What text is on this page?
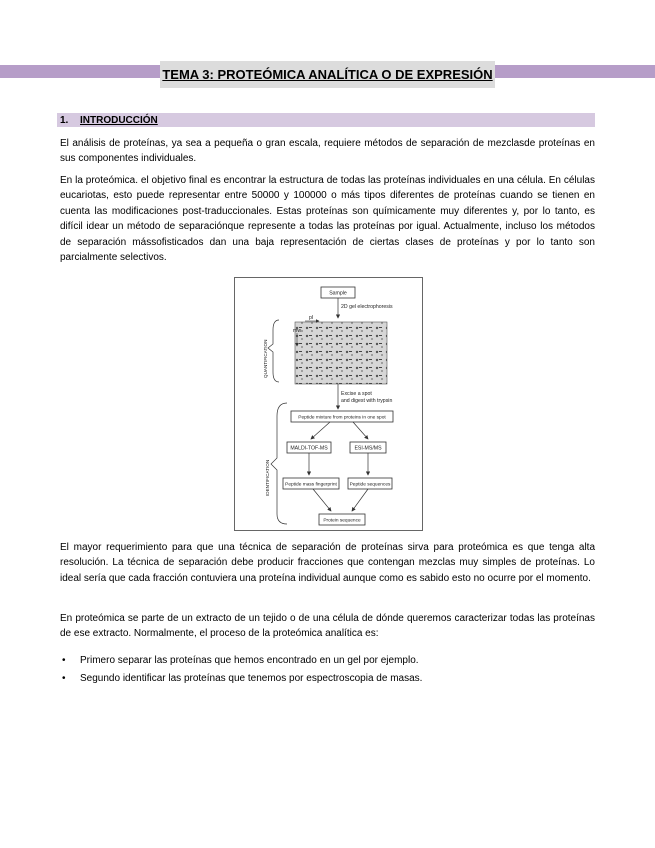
TEMA 3: PROTEÓMICA ANALÍTICA O DE EXPRESIÓN
1.	INTRODUCCIÓN

El análisis de proteínas, ya sea a pequeña o gran escala, requiere métodos de separación de mezclasde proteínas en sus componentes individuales.

En la proteómica. el objetivo final es encontrar la estructura de todas las proteínas individuales en una célula. En células eucariotas, esto puede representar entre 50000 y 100000 o más tipos diferentes de proteínas cuando se tienen en cuenta las modificaciones post-traduccionales. Estas proteínas son químicamente muy diferentes y, por lo tanto, es difícil idear un método de separaciónque represente a todas las proteínas por igual. Actualmente, incluso los métodos de separación mássofisticados dan una baja representación de ciertas clases de proteínas y por lo tanto son parcialmente selectivos.

Sample
2D gel electrophoresis
pI
mw
QUANTIFICATION
Excise a spot
and digest with trypsin
Peptide mixture from proteins in one spot
MALDI-TOF-MS	ESI-MS/MS
Peptide mass fingerprint	Peptide sequences
Protein sequence
IDENTIFICATION

El mayor requerimiento para que una técnica de separación de proteínas sirva para proteómica es que tenga alta resolución. La técnica de separación debe producir fracciones que contengan mezclas muy simples de proteínas. Lo ideal sería que cada fracción contuviera una proteína individual aunque como es sabido esto no ocurre por el momento.

En proteómica se parte de un extracto de un tejido o de una célula de dónde queremos caracterizar todas las proteínas de ese extracto. Normalmente, el proceso de la proteómica analítica es:

• Primero separar las proteínas que hemos encontrado en un gel por ejemplo.
• Segundo identificar las proteínas que tenemos por espectroscopia de masas.
